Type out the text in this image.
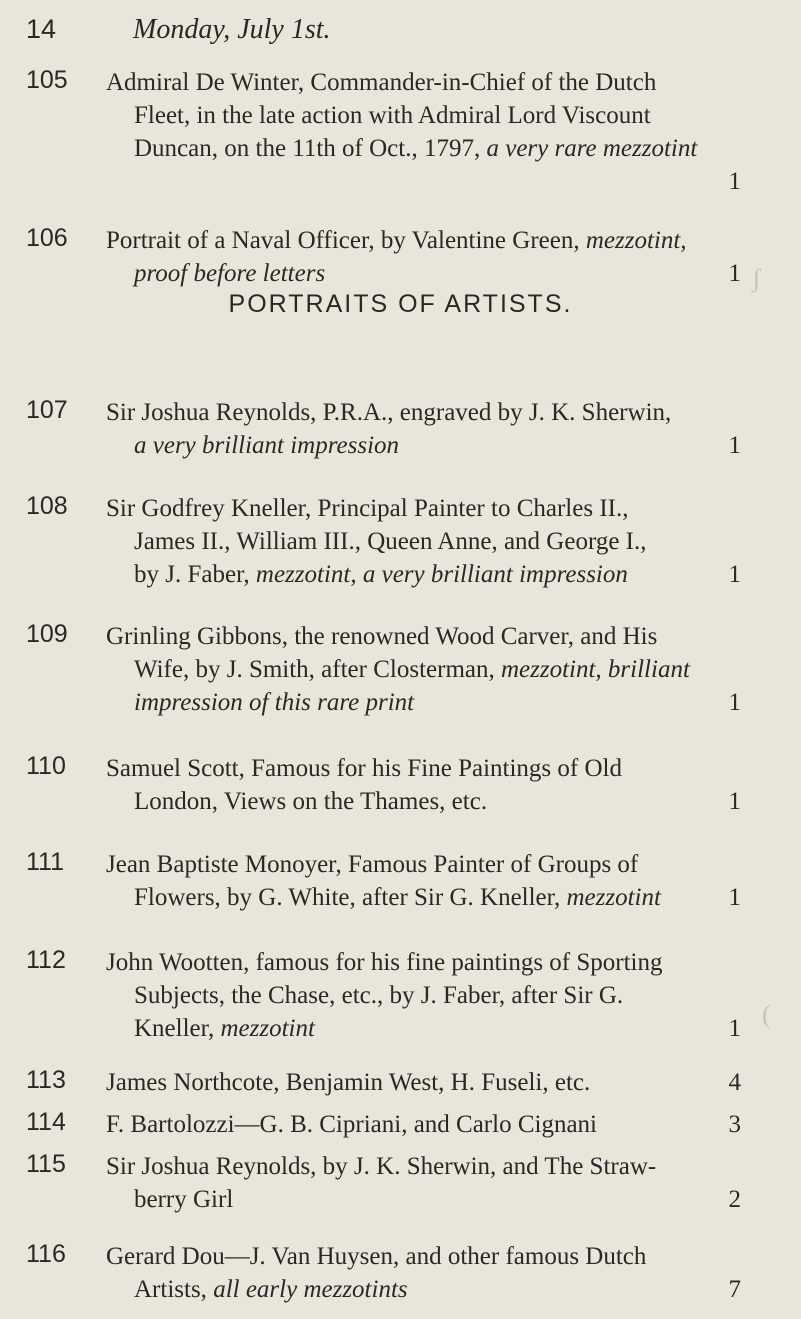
14	Monday, July 1st.
PORTRAITS OF ARTISTS.
105	Admiral De Winter, Commander-in-Chief of the Dutch
Fleet, in the late action with Admiral Lord Viscount
Duncan, on the 11th of Oct., 1797, a very rare mezzotint
1
106	Portrait of a Naval Officer, by Valentine Green, mezzotint,
proof before letters	1
107	Sir Joshua Reynolds, P.R.A., engraved by J. K. Sherwin,
a very brilliant impression	1
108	Sir Godfrey Kneller, Principal Painter to Charles II.,
James II., William III., Queen Anne, and George I.,
by J. Faber, mezzotint, a very brilliant impression	1
109	Grinling Gibbons, the renowned Wood Carver, and His
Wife, by J. Smith, after Closterman, mezzotint, brilliant
impression of this rare print	1
110	Samuel Scott, Famous for his Fine Paintings of Old
London, Views on the Thames, etc.	1
111	Jean Baptiste Monoyer, Famous Painter of Groups of
Flowers, by G. White, after Sir G. Kneller, mezzotint	1
112	John Wootten, famous for his fine paintings of Sporting
Subjects, the Chase, etc., by J. Faber, after Sir G.
Kneller, mezzotint	1
113	James Northcote, Benjamin West, H. Fuseli, etc.	4
114	F. Bartolozzi—G. B. Cipriani, and Carlo Cignani	3
115	Sir Joshua Reynolds, by J. K. Sherwin, and The Straw-
berry Girl	2
116	Gerard Dou—J. Van Huysen, and other famous Dutch
Artists, all early mezzotints	7
ʃ
(
